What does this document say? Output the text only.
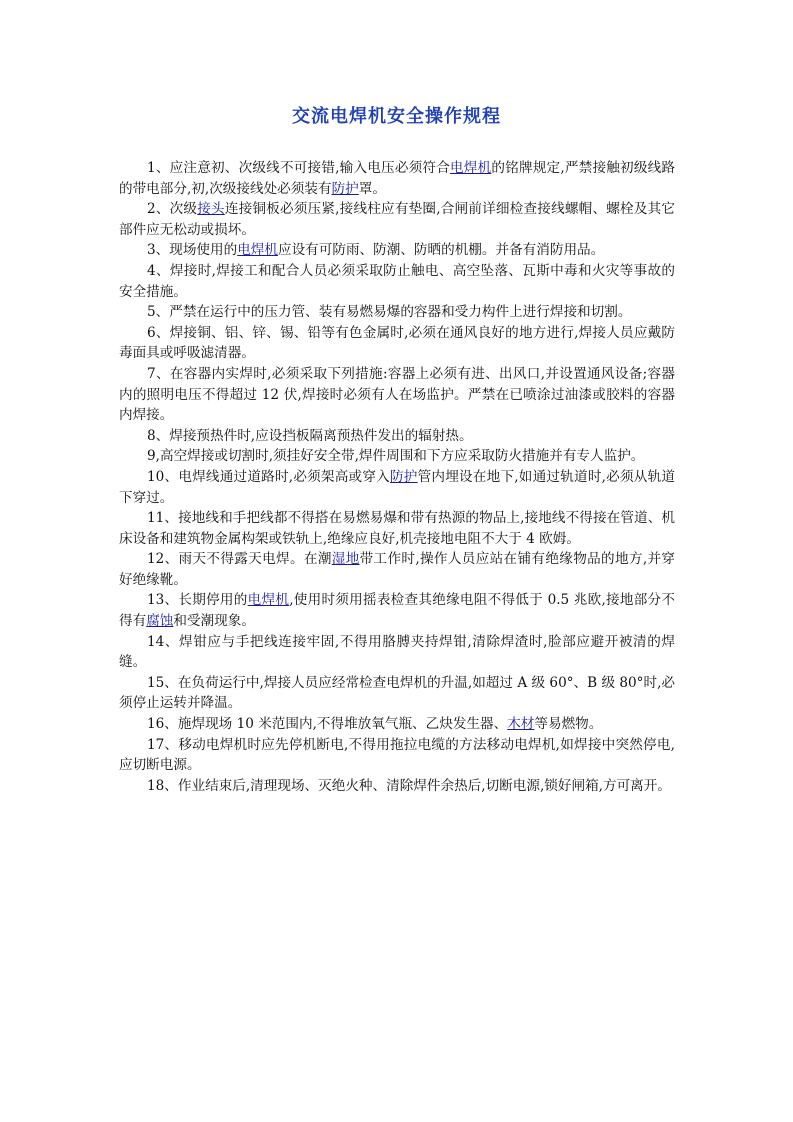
交流电焊机安全操作规程

1、应注意初、次级线不可接错,输入电压必须符合电焊机的铭牌规定,严禁接触初级线路的带电部分,初,次级接线处必须装有防护罩。

2、次级接头连接铜板必须压紧,接线柱应有垫圈,合闸前详细检查接线螺帽、螺栓及其它部件应无松动或损坏。

3、现场使用的电焊机应设有可防雨、防潮、防晒的机棚。并备有消防用品。

4、焊接时,焊接工和配合人员必须采取防止触电、高空坠落、瓦斯中毒和火灾等事故的安全措施。

5、严禁在运行中的压力管、装有易燃易爆的容器和受力构件上进行焊接和切割。

6、焊接铜、铝、锌、锡、铅等有色金属时,必须在通风良好的地方进行,焊接人员应戴防毒面具或呼吸滤清器。

7、在容器内实焊时,必须采取下列措施:容器上必须有进、出风口,并设置通风设备;容器内的照明电压不得超过 12 伏,焊接时必须有人在场监护。严禁在已喷涂过油漆或胶料的容器内焊接。

8、焊接预热件时,应设挡板隔离预热件发出的辐射热。

9,高空焊接或切割时,须挂好安全带,焊件周围和下方应采取防火措施并有专人监护。

10、电焊线通过道路时,必须架高或穿入防护管内埋设在地下,如通过轨道时,必须从轨道下穿过。

11、接地线和手把线都不得搭在易燃易爆和带有热源的物品上,接地线不得接在管道、机床设备和建筑物金属构架或铁轨上,绝缘应良好,机壳接地电阻不大于 4 欧姆。

12、雨天不得露天电焊。在潮湿地带工作时,操作人员应站在铺有绝缘物品的地方,并穿好绝缘靴。

13、长期停用的电焊机,使用时须用摇表检查其绝缘电阻不得低于 0.5 兆欧,接地部分不得有腐蚀和受潮现象。

14、焊钳应与手把线连接牢固,不得用胳膊夹持焊钳,清除焊渣时,脸部应避开被清的焊缝。

15、在负荷运行中,焊接人员应经常检查电焊机的升温,如超过 A 级 60°、B 级 80°时,必须停止运转并降温。

16、施焊现场 10 米范围内,不得堆放氧气瓶、乙炔发生器、木材等易燃物。

17、移动电焊机时应先停机断电,不得用拖拉电缆的方法移动电焊机,如焊接中突然停电,应切断电源。

18、作业结束后,清理现场、灭绝火种、清除焊件余热后,切断电源,锁好闸箱,方可离开。
